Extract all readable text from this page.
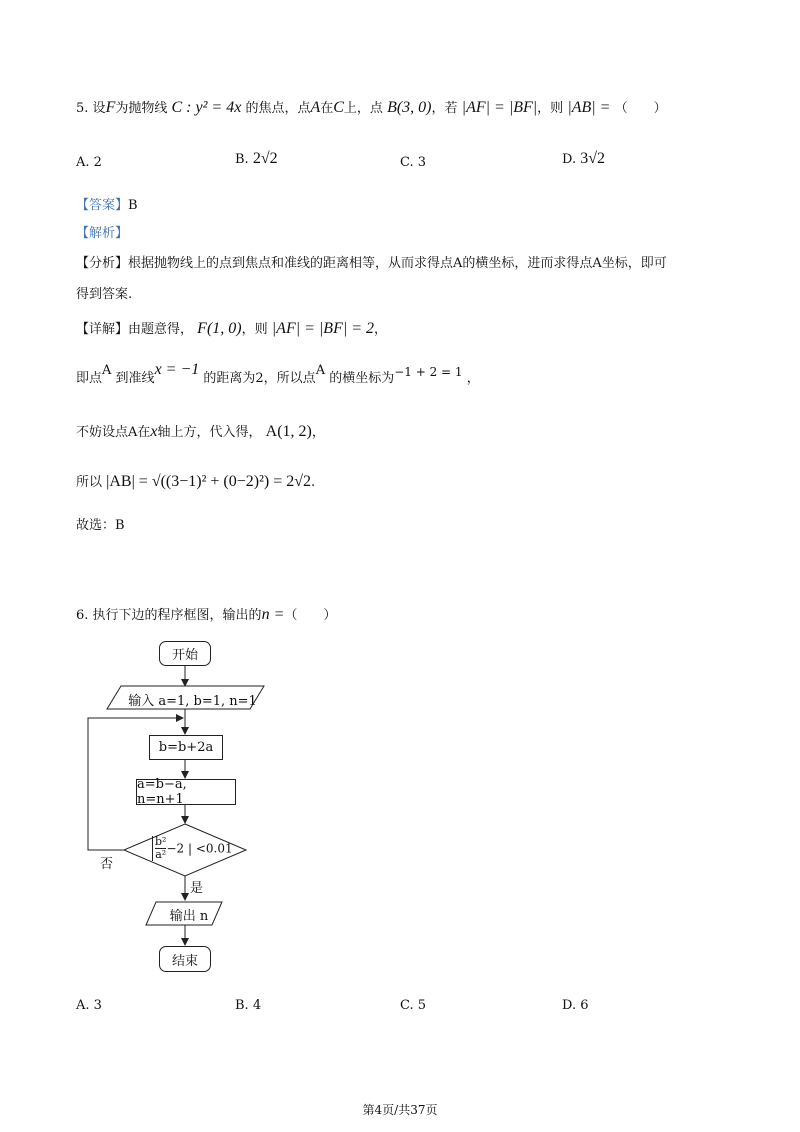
5. 设F为抛物线 C : y² = 4x 的焦点，点A在C上，点 B(3, 0)，若 |AF| = |BF|，则 |AB| = （　　）
A. 2	B. 2√2	C. 3	D. 3√2
【答案】B
【解析】
【分析】根据抛物线上的点到焦点和准线的距离相等，从而求得点A的横坐标，进而求得点A坐标，即可
得到答案.
【详解】由题意得， F(1, 0)，则 |AF| = |BF| = 2，
即点A 到准线x = −1 的距离为2，所以点A 的横坐标为−1 + 2 = 1 ，
不妨设点A在x轴上方，代入得， A(1, 2)，
所以 |AB| = √((3−1)² + (0−2)²) = 2√2.
故选：B
6. 执行下边的程序框图，输出的n =（　　）
开始
输入 a=1, b=1, n=1
b=b+2a
a=b−a, n=n+1
$\frac{\text{b²}}{\text{a²}} -2$ | <0.01
否
是
输出 n
结束
A. 3	B. 4	C. 5	D. 6
第4页/共37页
